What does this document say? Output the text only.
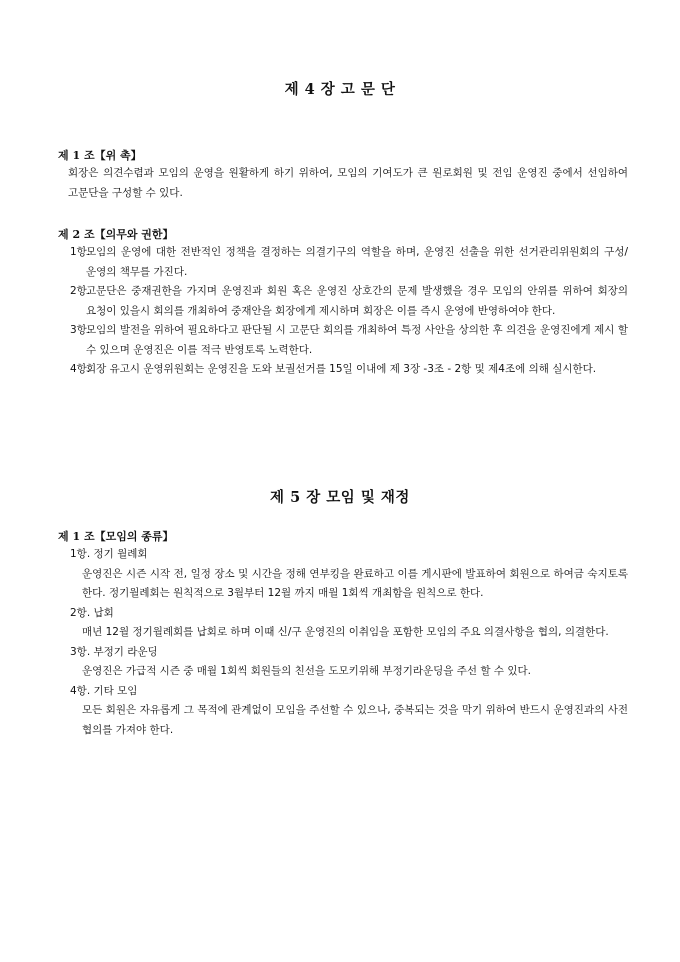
제 4 장 고 문 단

제 1 조【위 촉】

회장은 의견수렴과 모임의 운영을 원활하게 하기 위하여, 모임의 기여도가 큰 원로회원 및 전임 운영진 중에서 선임하여 고문단을 구성할 수 있다.

제 2 조【의무와 권한】

1항.
모임의 운영에 대한 전반적인 정책을 결정하는 의결기구의 역할을 하며, 운영진 선출을 위한 선거관리위원회의 구성/운영의 책무를 가진다.

2항.
고문단은 중재권한을 가지며 운영진과 회원 혹은 운영진 상호간의 문제 발생했을 경우 모임의 안위를 위하여 회장의 요청이 있을시 회의를 개최하여 중재안을 회장에게 제시하며 회장은 이를 즉시 운영에 반영하여야 한다.

3항.
모임의 발전을 위하여 필요하다고 판단될 시 고문단 회의를 개최하여 특정 사안을 상의한 후 의견을 운영진에게 제시 할 수 있으며 운영진은 이를 적극 반영토록 노력한다.

4항.
회장 유고시 운영위원회는 운영진을 도와 보궐선거를 15일 이내에 제 3장 -3조 - 2항 및 제4조에 의해 실시한다.

제 5 장 모임 및 재정

제 1 조【모임의 종류】

1항. 정기 월례회

운영진은 시즌 시작 전, 일정 장소 및 시간을 정해 연부킹을 완료하고 이를 게시판에 발표하여 회원으로 하여금 숙지토록 한다. 정기월례회는 원칙적으로 3월부터 12월 까지 매월 1회씩 개최함을 원칙으로 한다.

2항. 납회

매년 12월 정기월례회를 납회로 하며 이때 신/구 운영진의 이취임을 포함한 모임의 주요 의결사항을 협의, 의결한다.

3항. 부정기 라운딩

운영진은 가급적 시즌 중 매월 1회씩 회원들의 친선을 도모키위해 부정기라운딩을 주선 할 수 있다.

4항. 기타 모임

모든 회원은 자유롭게 그 목적에 관계없이 모임을 주선할 수 있으나, 중복되는 것을 막기 위하여 반드시 운영진과의 사전 협의를 가져야 한다.
